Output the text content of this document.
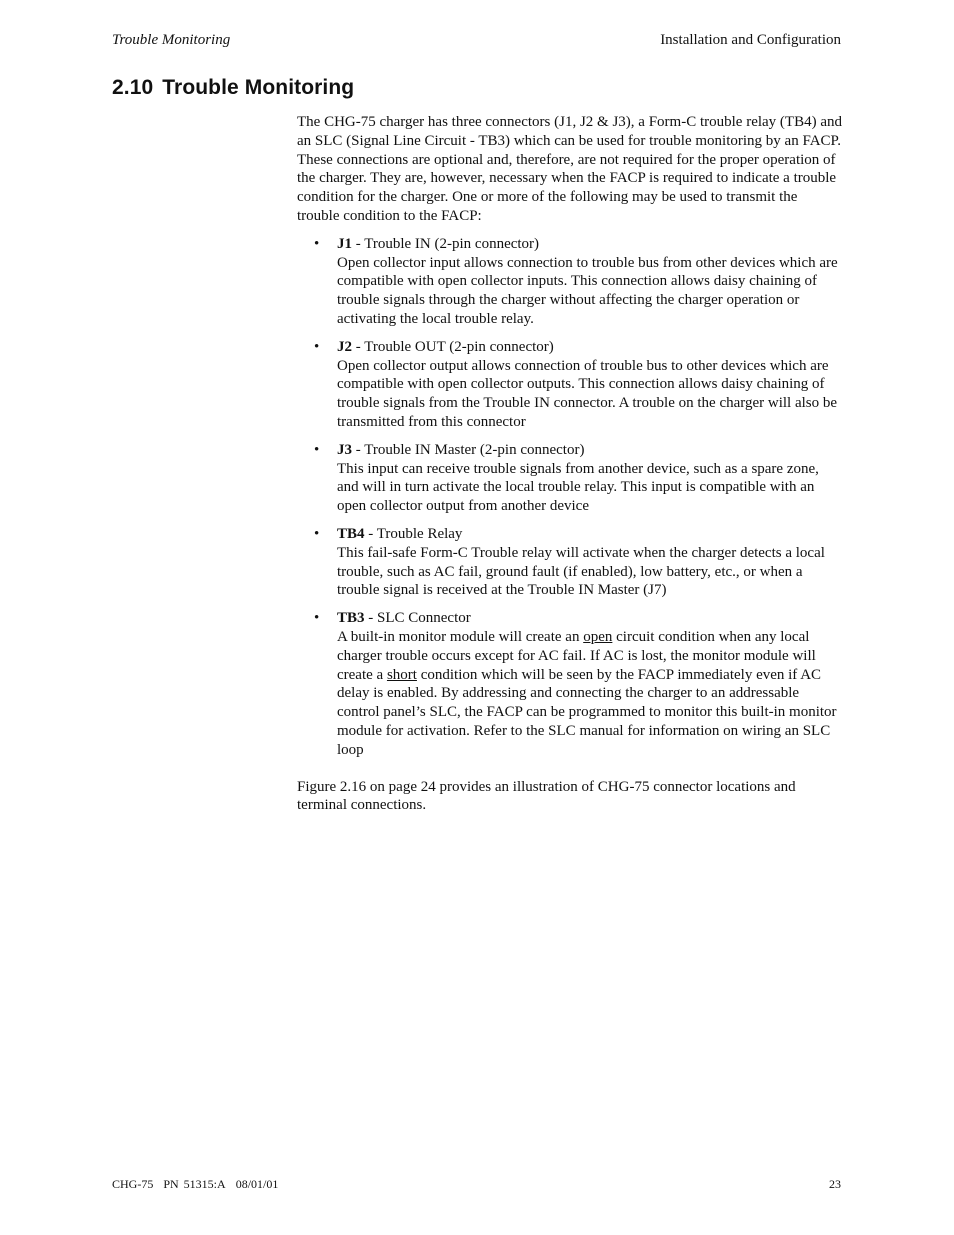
Trouble Monitoring	Installation and Configuration
2.10 Trouble Monitoring

The CHG-75 charger has three connectors (J1, J2 & J3), a Form-C trouble relay (TB4) and an SLC (Signal Line Circuit - TB3) which can be used for trouble monitoring by an FACP. These connections are optional and, therefore, are not required for the proper operation of the charger. They are, however, necessary when the FACP is required to indicate a trouble condition for the charger. One or more of the following may be used to transmit the trouble condition to the FACP:

• J1 - Trouble IN (2-pin connector)
Open collector input allows connection to trouble bus from other devices which are compatible with open collector inputs. This connection allows daisy chaining of trouble signals through the charger without affecting the charger operation or activating the local trouble relay.
• J2 - Trouble OUT (2-pin connector)
Open collector output allows connection of trouble bus to other devices which are compatible with open collector outputs. This connection allows daisy chaining of trouble signals from the Trouble IN connector. A trouble on the charger will also be transmitted from this connector
• J3 - Trouble IN Master (2-pin connector)
This input can receive trouble signals from another device, such as a spare zone, and will in turn activate the local trouble relay. This input is compatible with an open collector output from another device
• TB4 - Trouble Relay
This fail-safe Form-C Trouble relay will activate when the charger detects a local trouble, such as AC fail, ground fault (if enabled), low battery, etc., or when a trouble signal is received at the Trouble IN Master (J7)
• TB3 - SLC Connector
A built-in monitor module will create an open circuit condition when any local charger trouble occurs except for AC fail. If AC is lost, the monitor module will create a short condition which will be seen by the FACP immediately even if AC delay is enabled. By addressing and connecting the charger to an addressable control panel’s SLC, the FACP can be programmed to monitor this built-in monitor module for activation. Refer to the SLC manual for information on wiring an SLC loop

Figure 2.16 on page 24 provides an illustration of CHG-75 connector locations and terminal connections.

CHG-75 PN 51315:A 08/01/01	23
